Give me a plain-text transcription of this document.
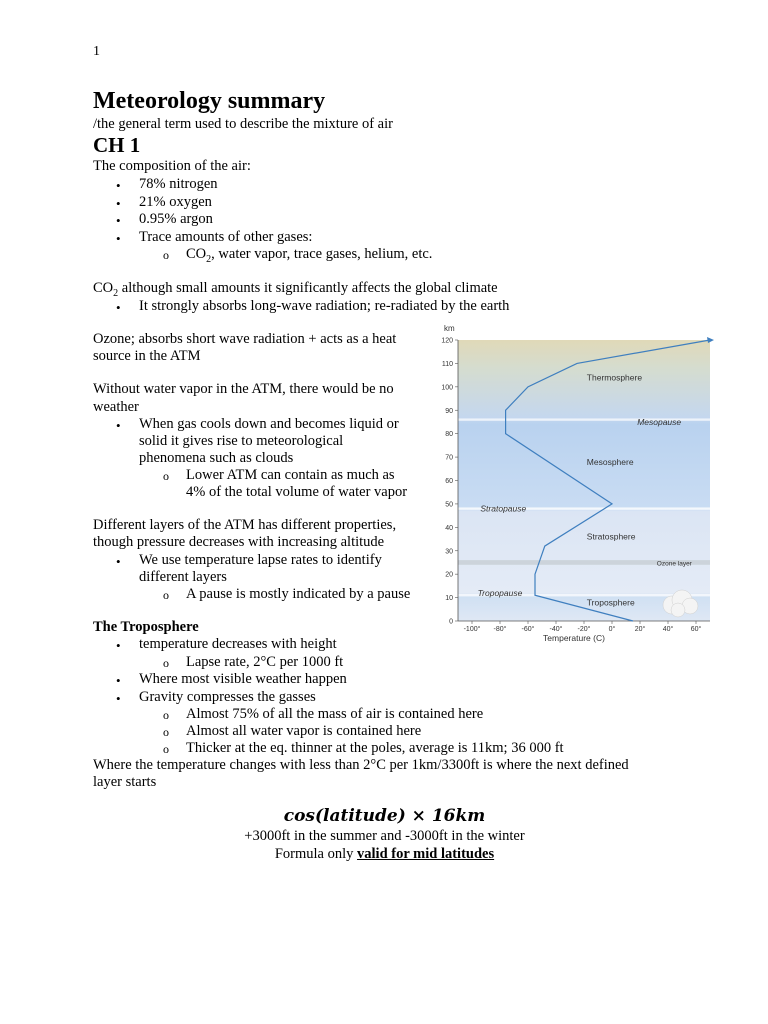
1
Meteorology summary
/the general term used to describe the mixture of air
CH 1
The composition of the air:
• 78% nitrogen
• 21% oxygen
• 0.95% argon
• Trace amounts of other gases:
o $CO_2$, water vapor, trace gases, helium, etc.
$CO_2$ although small amounts it significantly affects the global climate
• It strongly absorbs long-wave radiation; re-radiated by the earth
Ozone; absorbs short wave radiation + acts as a heat
source in the ATM
Without water vapor in the ATM, there would be no
weather
• When gas cools down and becomes liquid or
solid it gives rise to meteorological
phenomena such as clouds
o Lower ATM can contain as much as
4% of the total volume of water vapor
Different layers of the ATM has different properties,
though pressure decreases with increasing altitude
• We use temperature lapse rates to identify
different layers
o A pause is mostly indicated by a pause
The Troposphere
• temperature decreases with height
o Lapse rate, 2°C per 1000 ft
• Where most visible weather happen
• Gravity compresses the gasses
o Almost 75% of all the mass of air is contained here
o Almost all water vapor is contained here
o Thicker at the eq. thinner at the poles, average is 11km; 36 000 ft
Where the temperature changes with less than 2°C per 1km/3300ft is where the next defined
layer starts
cos(latitude) × 16km
+3000ft in the summer and -3000ft in the winter
Formula only valid for mid latitudes
0
10
20
30
40
50
60
70
80
90
100
110
120
-100° -80° -60° -40° -20°	0°	20° 40° 60°
km
Temperature (C)
Thermosphere
Mesopause
Mesosphere
Stratopause
Stratosphere
Ozone layer
Tropopause
Troposphere
